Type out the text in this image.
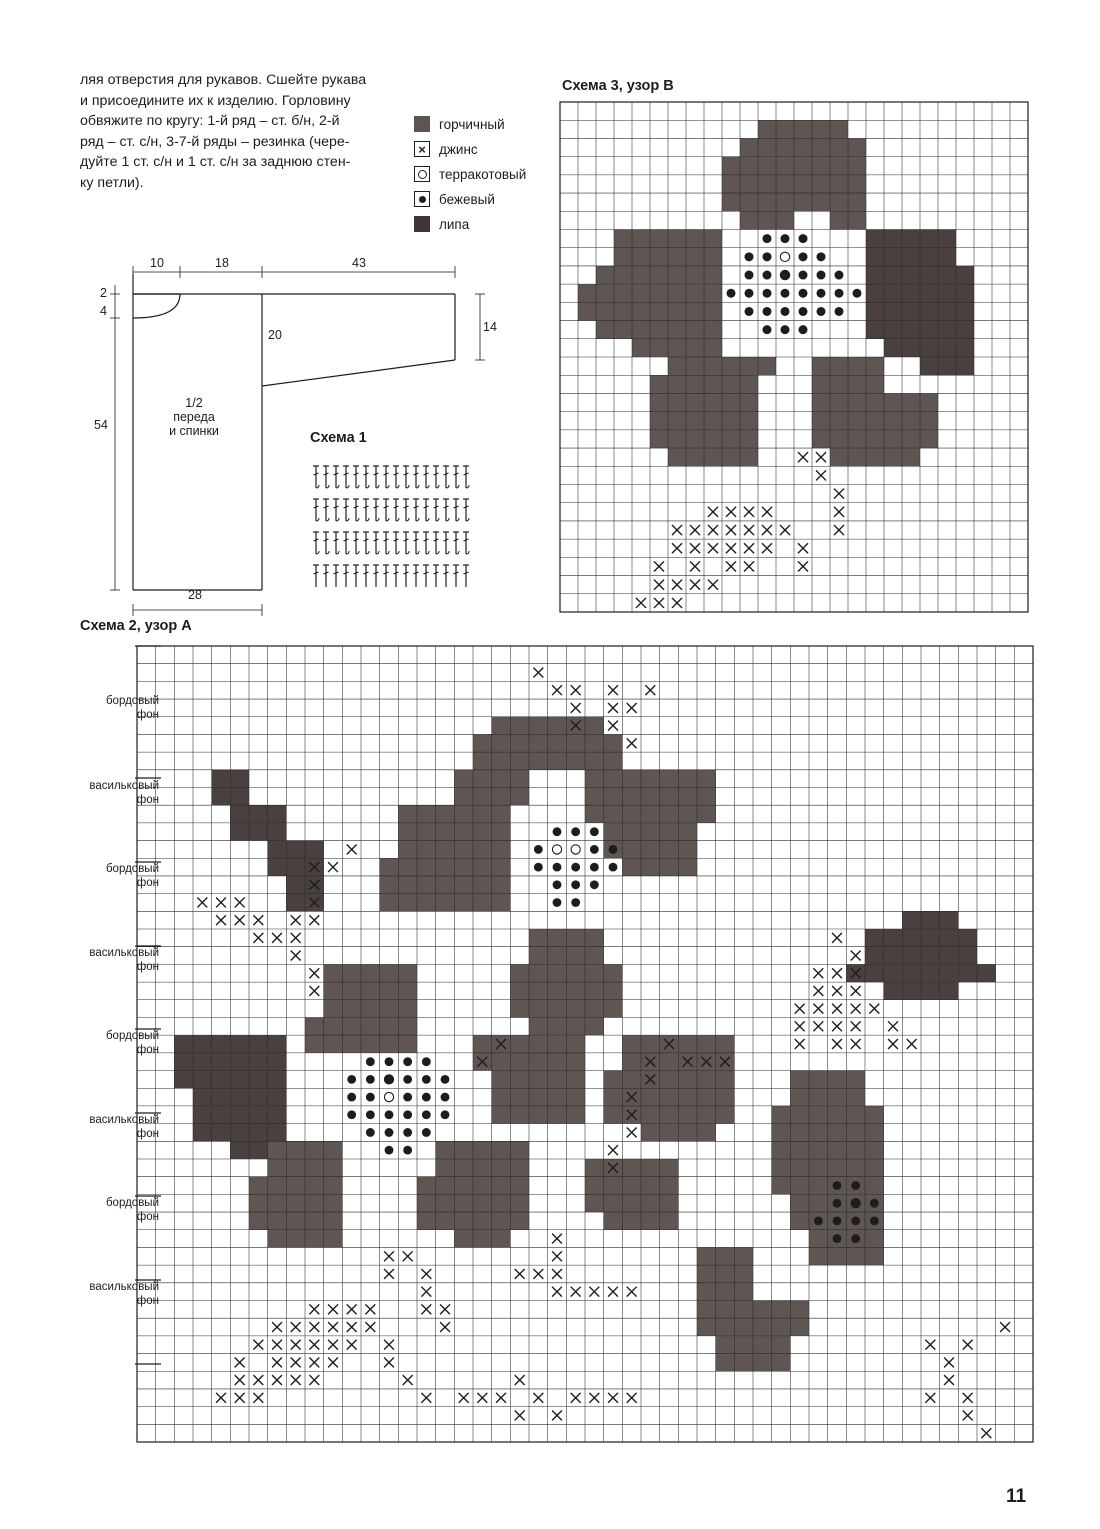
ляя отверстия для рукавов. Сшейте рукава
и присоедините их к изделию. Горловину
обвяжите по кругу: 1-й ряд – ст. б/н, 2-й
ряд – ст. с/н, 3-7-й ряды – резинка (чере-
дуйте 1 ст. с/н и 1 ст. с/н за заднюю стен-
ку петли).
горчичный
× джинс
терракотовый
бежевый
липа
10	18	43
2
4
20
14
54
28
1/2
переда
и спинки	Схема 1
Схема 3, узор В
Схема 2, узор А
бордовый
фон
васильковый
фон
бордовый
фон
васильковый
фон
бордовый
фон
васильковый
фон
бордовый
фон
васильковый
фон
11
